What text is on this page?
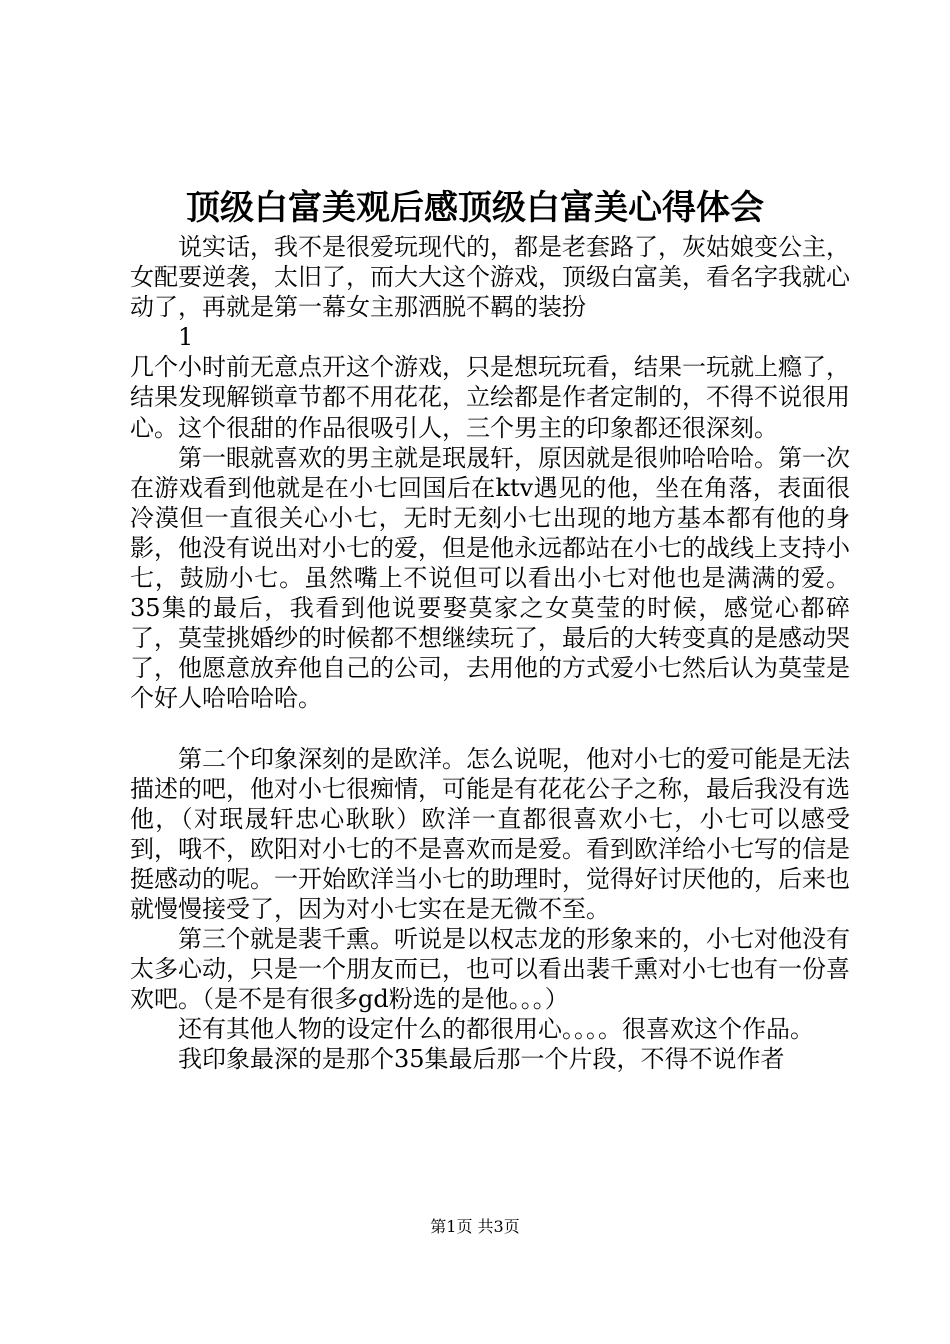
顶级白富美观后感顶级白富美心得体会

说实话，我不是很爱玩现代的，都是老套路了，灰姑娘变公主，女配要逆袭，太旧了，而大大这个游戏，顶级白富美，看名字我就心动了，再就是第一幕女主那洒脱不羁的装扮

1

几个小时前无意点开这个游戏，只是想玩玩看，结果一玩就上瘾了，结果发现解锁章节都不用花花，立绘都是作者定制的，不得不说很用心。这个很甜的作品很吸引人，三个男主的印象都还很深刻。

第一眼就喜欢的男主就是珉晟轩，原因就是很帅哈哈哈。第一次在游戏看到他就是在小七回国后在ktv遇见的他，坐在角落，表面很冷漠但一直很关心小七，无时无刻小七出现的地方基本都有他的身影，他没有说出对小七的爱，但是他永远都站在小七的战线上支持小七，鼓励小七。虽然嘴上不说但可以看出小七对他也是满满的爱。35集的最后，我看到他说要娶莫家之女莫莹的时候，感觉心都碎了，莫莹挑婚纱的时候都不想继续玩了，最后的大转变真的是感动哭了，他愿意放弃他自己的公司，去用他的方式爱小七然后认为莫莹是个好人哈哈哈哈。

第二个印象深刻的是欧洋。怎么说呢，他对小七的爱可能是无法描述的吧，他对小七很痴情，可能是有花花公子之称，最后我没有选他，（对珉晟轩忠心耿耿）欧洋一直都很喜欢小七，小七可以感受到，哦不，欧阳对小七的不是喜欢而是爱。看到欧洋给小七写的信是挺感动的呢。一开始欧洋当小七的助理时，觉得好讨厌他的，后来也就慢慢接受了，因为对小七实在是无微不至。

第三个就是裴千熏。听说是以权志龙的形象来的，小七对他没有太多心动，只是一个朋友而已，也可以看出裴千熏对小七也有一份喜欢吧。（是不是有很多gd粉选的是他。。。）

还有其他人物的设定什么的都很用心。。。。很喜欢这个作品。

我印象最深的是那个35集最后那一个片段，不得不说作者

第1页 共3页
